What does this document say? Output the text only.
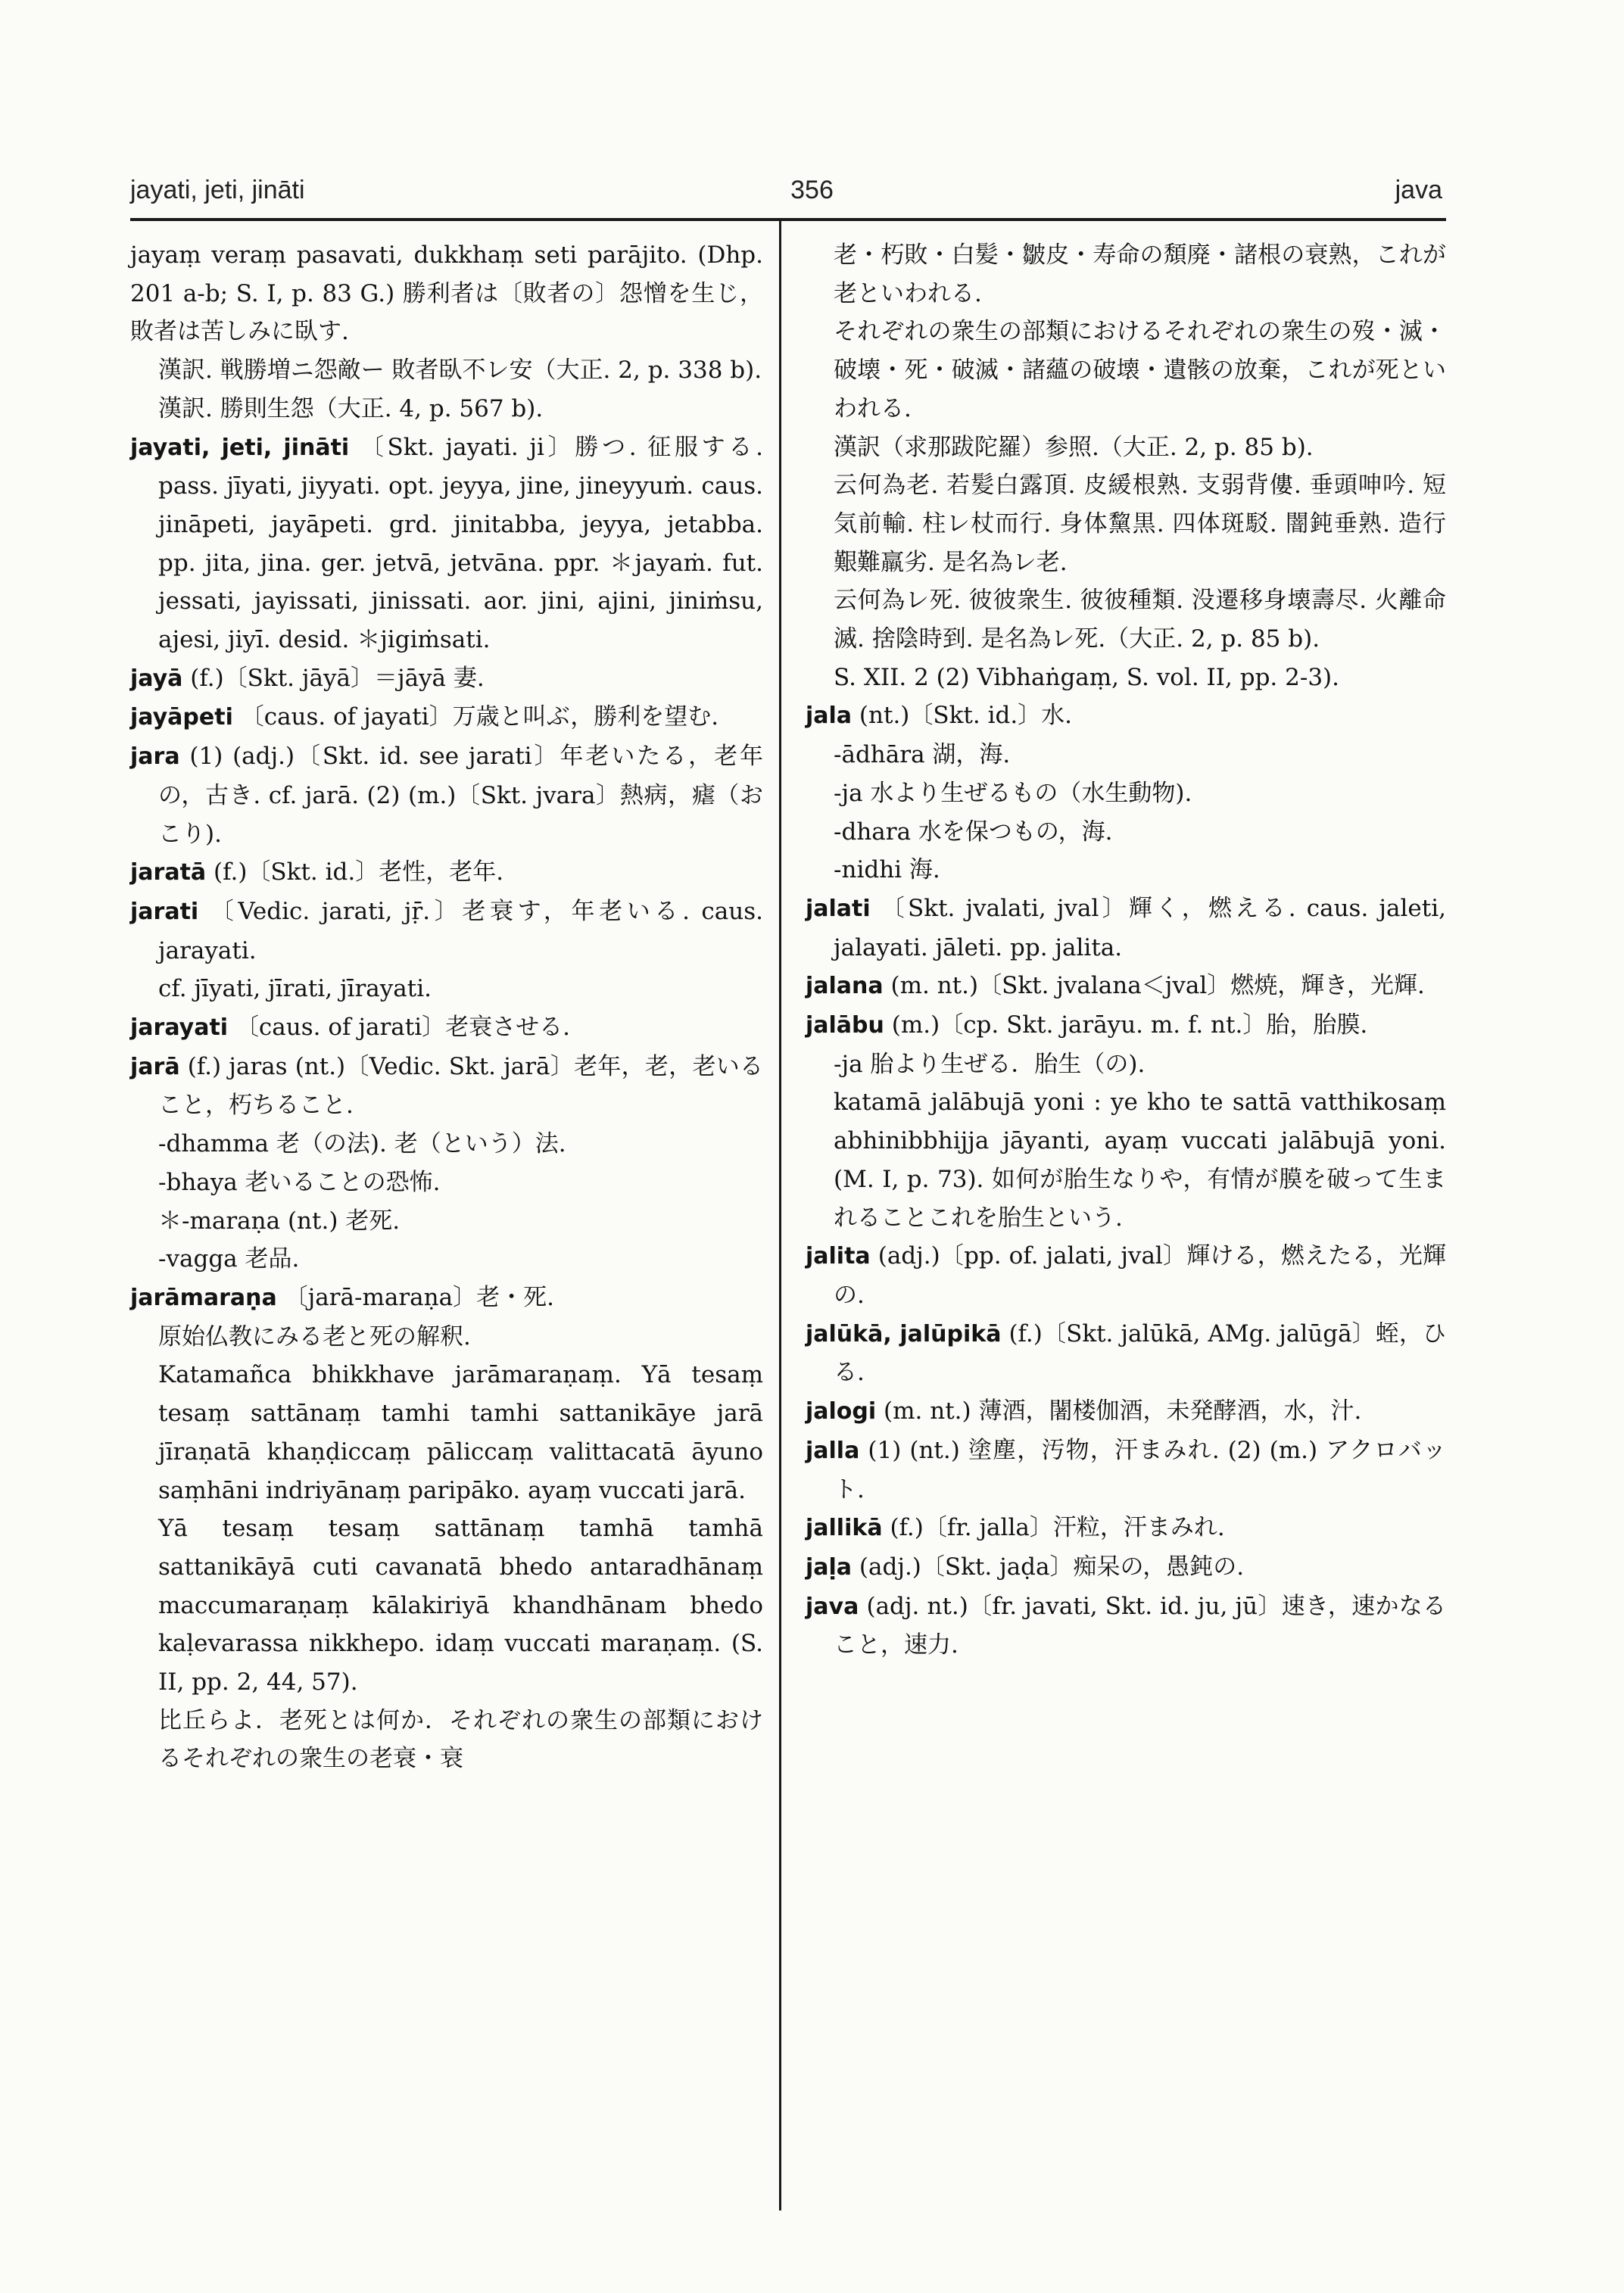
356
jayati, jeti, jināti	java

jayaṃ veraṃ pasavati, dukkhaṃ seti parājito. (Dhp. 201 a-b; S. I, p. 83 G.) 勝利者は〔敗者の〕怨憎を生じ，敗者は苦しみに臥す.

漢訳. 戦勝増ニ怨敵ー 敗者臥不レ安（大正. 2, p. 338 b).

漢訳. 勝則生怨（大正. 4, p. 567 b).

jayati, jeti, jināti 〔Skt. jayati. ji〕勝つ. 征服する. pass. jīyati, jiyyati. opt. jeyya, jine, jineyyuṁ. caus. jināpeti, jayāpeti. grd. jinitabba, jeyya, jetabba. pp. jita, jina. ger. jetvā, jetvāna. ppr. ＊jayaṁ. fut. jessati, jayissati, jinissati. aor. jini, ajini, jiniṁsu, ajesi, jiyī. desid. ＊jigiṁsati.

jayā (f.)〔Skt. jāyā〕＝jāyā 妻.

jayāpeti 〔caus. of jayati〕万歳と叫ぶ，勝利を望む.

jara (1) (adj.)〔Skt. id. see jarati〕年老いたる，老年の，古き. cf. jarā. (2) (m.)〔Skt. jvara〕熱病，瘧（おこり).

jaratā (f.)〔Skt. id.〕老性，老年.

jarati 〔Vedic. jarati, jṝ.〕老衰す，年老いる. caus. jarayati.

cf. jīyati, jīrati, jīrayati.

jarayati 〔caus. of jarati〕老衰させる.

jarā (f.) jaras (nt.)〔Vedic. Skt. jarā〕老年，老，老いること，朽ちること.

-dhamma 老（の法). 老（という）法.

-bhaya 老いることの恐怖.

＊-maraṇa (nt.) 老死.

-vagga 老品.

jarāmaraṇa 〔jarā-maraṇa〕老・死.

原始仏教にみる老と死の解釈.

Katamañca bhikkhave jarāmaraṇaṃ. Yā tesaṃ tesaṃ sattānaṃ tamhi tamhi sattanikāye jarā jīraṇatā khaṇḍiccaṃ pāliccaṃ valittacatā āyuno saṃhāni indriyānaṃ paripāko. ayaṃ vuccati jarā.

Yā tesaṃ tesaṃ sattānaṃ tamhā tamhā sattanikāyā cuti cavanatā bhedo antaradhānaṃ maccumaraṇaṃ kālakiriyā khandhānam bhedo kaḷevarassa nikkhepo. idaṃ vuccati maraṇaṃ. (S. II, pp. 2, 44, 57).

比丘らよ．老死とは何か．それぞれの衆生の部類におけるそれぞれの衆生の老衰・衰

老・朽敗・白髪・皺皮・寿命の頽廃・諸根の衰熟，これが老といわれる.

それぞれの衆生の部類におけるそれぞれの衆生の歿・滅・破壊・死・破滅・諸蘊の破壊・遺骸の放棄，これが死といわれる.

漢訳（求那跋陀羅）参照.（大正. 2, p. 85 b).

云何為老. 若髪白露頂. 皮緩根熟. 支弱背僂. 垂頭呻吟. 短気前輸. 柱レ杖而行. 身体黧黒. 四体斑駁. 闇鈍垂熟. 造行艱難羸劣. 是名為レ老.

云何為レ死. 彼彼衆生. 彼彼種類. 没遷移身壊壽尽. 火離命滅. 捨陰時到. 是名為レ死.（大正. 2, p. 85 b).

S. XII. 2 (2) Vibhaṅgaṃ, S. vol. II, pp. 2-3).

jala (nt.)〔Skt. id.〕水.

-ādhāra 湖，海.

-ja 水より生ぜるもの（水生動物).

-dhara 水を保つもの，海.

-nidhi 海.

jalati 〔Skt. jvalati, jval〕輝く，燃える. caus. jaleti, jalayati. jāleti. pp. jalita.

jalana (m. nt.)〔Skt. jvalana＜jval〕燃焼，輝き，光輝.

jalābu (m.)〔cp. Skt. jarāyu. m. f. nt.〕胎，胎膜.

-ja 胎より生ぜる．胎生（の).

katamā jalābujā yoni : ye kho te sattā vatthikosaṃ abhinibbhijja jāyanti, ayaṃ vuccati jalābujā yoni. (M. I, p. 73). 如何が胎生なりや，有情が膜を破って生まれることこれを胎生という.

jalita (adj.)〔pp. of. jalati, jval〕輝ける，燃えたる，光輝の.

jalūkā, jalūpikā (f.)〔Skt. jalūkā, AMg. jalūgā〕蛭，ひる.

jalogi (m. nt.) 薄酒，闍楼伽酒，未発酵酒，水，汁.

jalla (1) (nt.) 塗塵，汚物，汗まみれ. (2) (m.) アクロバット.

jallikā (f.)〔fr. jalla〕汗粒，汗まみれ.

jaḷa (adj.)〔Skt. jaḍa〕痴呆の，愚鈍の.

java (adj. nt.)〔fr. javati, Skt. id. ju, jū〕速き，速かなること，速力.
